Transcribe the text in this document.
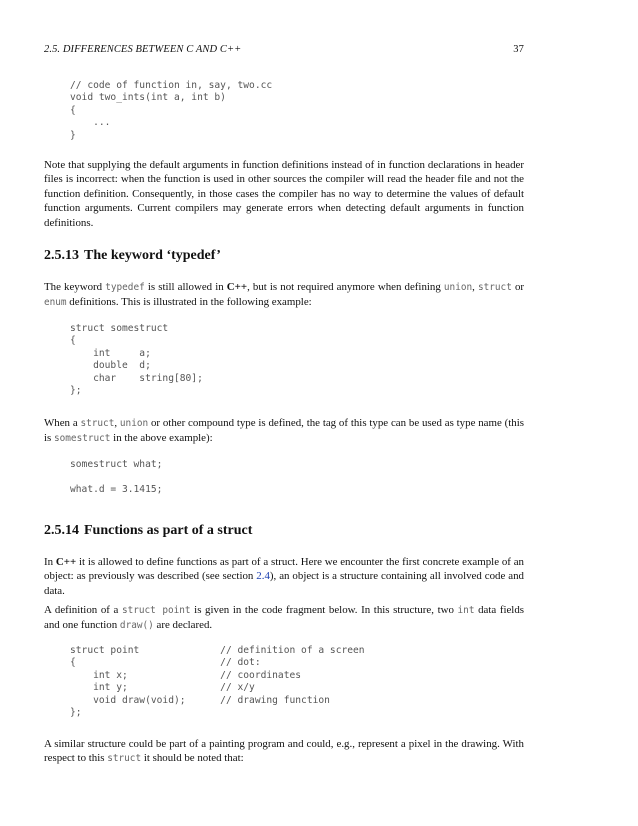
2.5. DIFFERENCES BETWEEN C AND C++	37
// code of function in, say, two.cc
void two_ints(int a, int b)
{
...
}

Note that supplying the default arguments in function definitions instead of in function declarations in header files is incorrect: when the function is used in other sources the compiler will read the header file and not the function definition. Consequently, in those cases the compiler has no way to determine the values of default function arguments. Current compilers may generate errors when detecting default arguments in function definitions.

2.5.13 The keyword ‘typedef’

The keyword typedef is still allowed in C++, but is not required anymore when defining union, struct or enum definitions. This is illustrated in the following example:

struct somestruct
{
int     a;
double  d;
char    string[80];
};

When a struct, union or other compound type is defined, the tag of this type can be used as type name (this is somestruct in the above example):

somestruct what;
what.d = 3.1415;
2.5.14 Functions as part of a struct

In C++ it is allowed to define functions as part of a struct. Here we encounter the first concrete example of an object: as previously was described (see section 2.4), an object is a structure containing all involved code and data.

A definition of a struct point is given in the code fragment below. In this structure, two int data fields and one function draw() are declared.

struct point              // definition of a screen
{                         // dot:
int x;                // coordinates
int y;                // x/y
void draw(void);      // drawing function
};

A similar structure could be part of a painting program and could, e.g., represent a pixel in the drawing. With respect to this struct it should be noted that:
